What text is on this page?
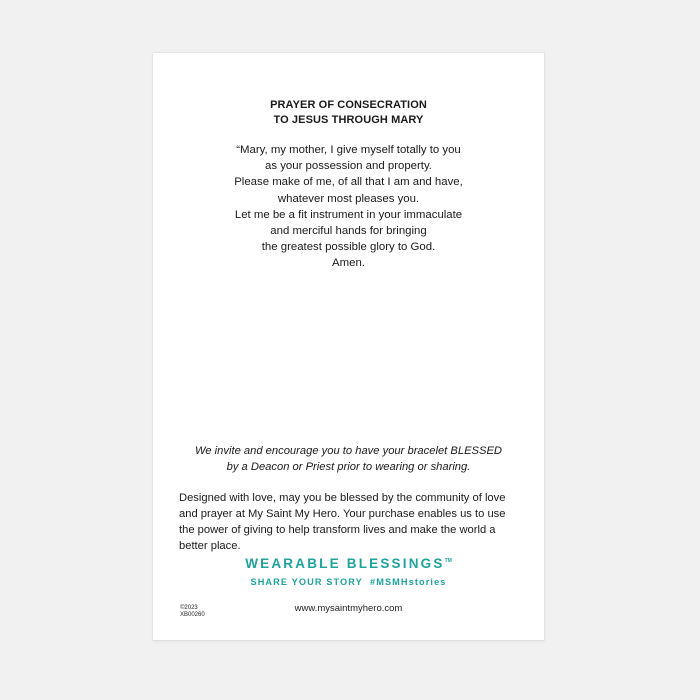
PRAYER OF CONSECRATION
TO JESUS THROUGH MARY
“Mary, my mother, I give myself totally to you
as your possession and property.
Please make of me, of all that I am and have,
whatever most pleases you.
Let me be a fit instrument in your immaculate
and merciful hands for bringing
the greatest possible glory to God.
Amen.
We invite and encourage you to have your bracelet BLESSED
by a Deacon or Priest prior to wearing or sharing.
Designed with love, may you be blessed by the community of love
and prayer at My Saint My Hero. Your purchase enables us to use
the power of giving to help transform lives and make the world a
better place.
WEARABLE BLESSINGS™
SHARE YOUR STORY  #MSMHstories
©2023
XB00260
www.mysaintmyhero.com
